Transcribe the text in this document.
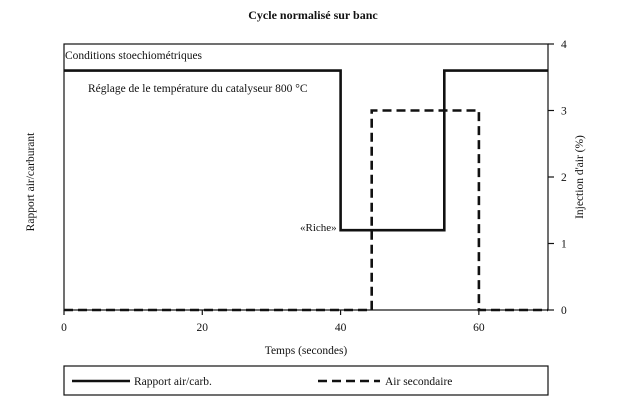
Cycle normalisé sur banc
0	20	40	60
0
1
2
3
4
Temps (secondes)
Rapport air/carburant	Injection d'air (%)
Conditions stoechiométriques
Réglage de le température du catalyseur 800 °C
«Riche»
Rapport air/carb.	Air secondaire
